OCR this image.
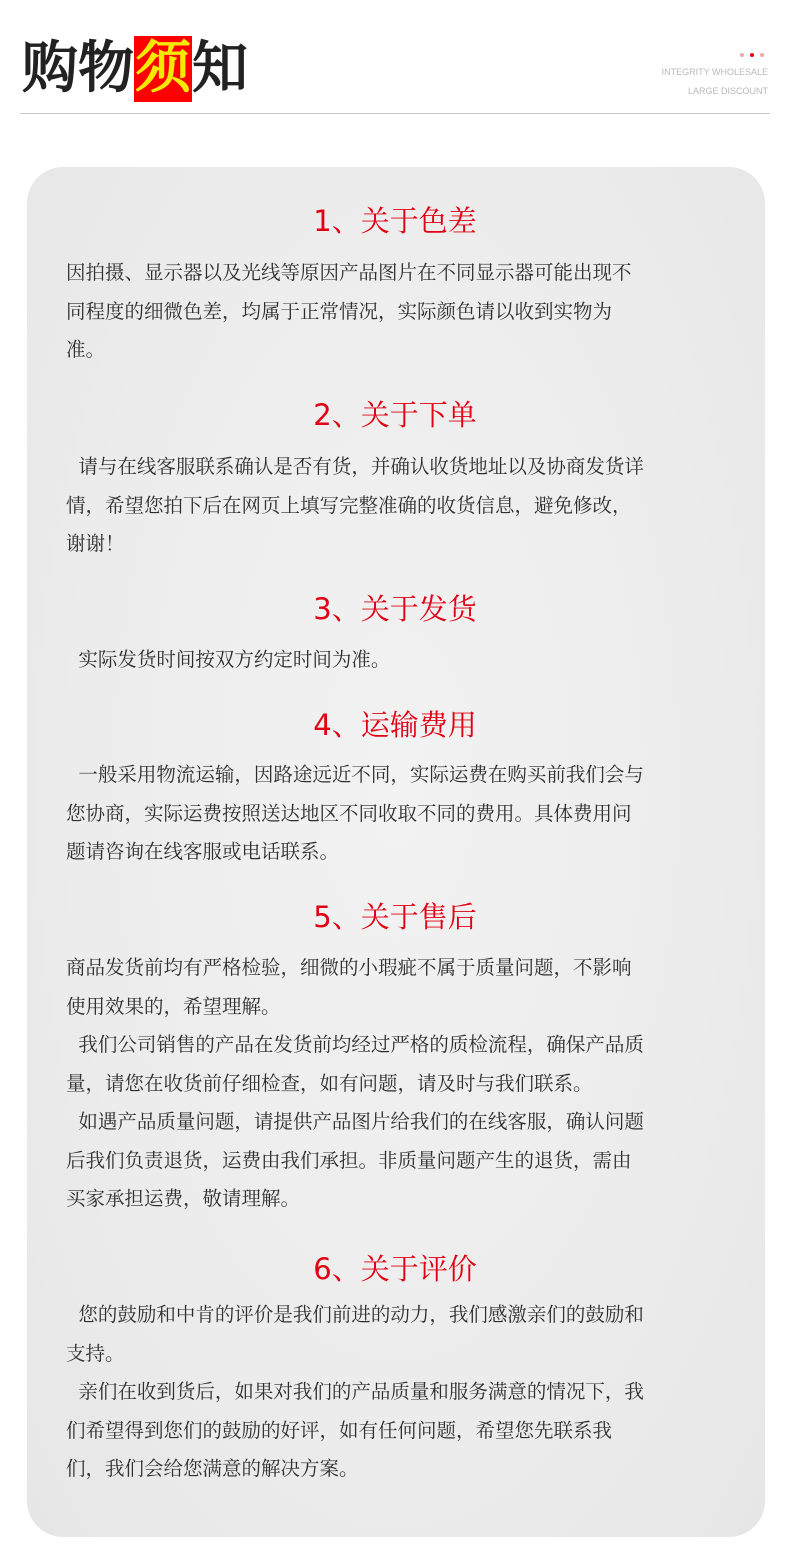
购物 须 知	INTEGRITY WHOLESALE
LARGE DISCOUNT
1、关于色差
因拍摄、显示器以及光线等原因产品图片在不同显示器可能出现不
同程度的细微色差，均属于正常情况，实际颜色请以收到实物为
准。
2、关于下单
请与在线客服联系确认是否有货，并确认收货地址以及协商发货详
情，希望您拍下后在网页上填写完整准确的收货信息，避免修改，
谢谢！
3、关于发货
实际发货时间按双方约定时间为准。
4、运输费用
一般采用物流运输，因路途远近不同，实际运费在购买前我们会与
您协商，实际运费按照送达地区不同收取不同的费用。具体费用问
题请咨询在线客服或电话联系。
5、关于售后
商品发货前均有严格检验，细微的小瑕疵不属于质量问题，不影响
使用效果的，希望理解。
我们公司销售的产品在发货前均经过严格的质检流程，确保产品质
量，请您在收货前仔细检查，如有问题，请及时与我们联系。
如遇产品质量问题，请提供产品图片给我们的在线客服，确认问题
后我们负责退货，运费由我们承担。非质量问题产生的退货，需由
买家承担运费，敬请理解。
6、关于评价
您的鼓励和中肯的评价是我们前进的动力，我们感激亲们的鼓励和
支持。
亲们在收到货后，如果对我们的产品质量和服务满意的情况下，我
们希望得到您们的鼓励的好评，如有任何问题，希望您先联系我
们，我们会给您满意的解决方案。
